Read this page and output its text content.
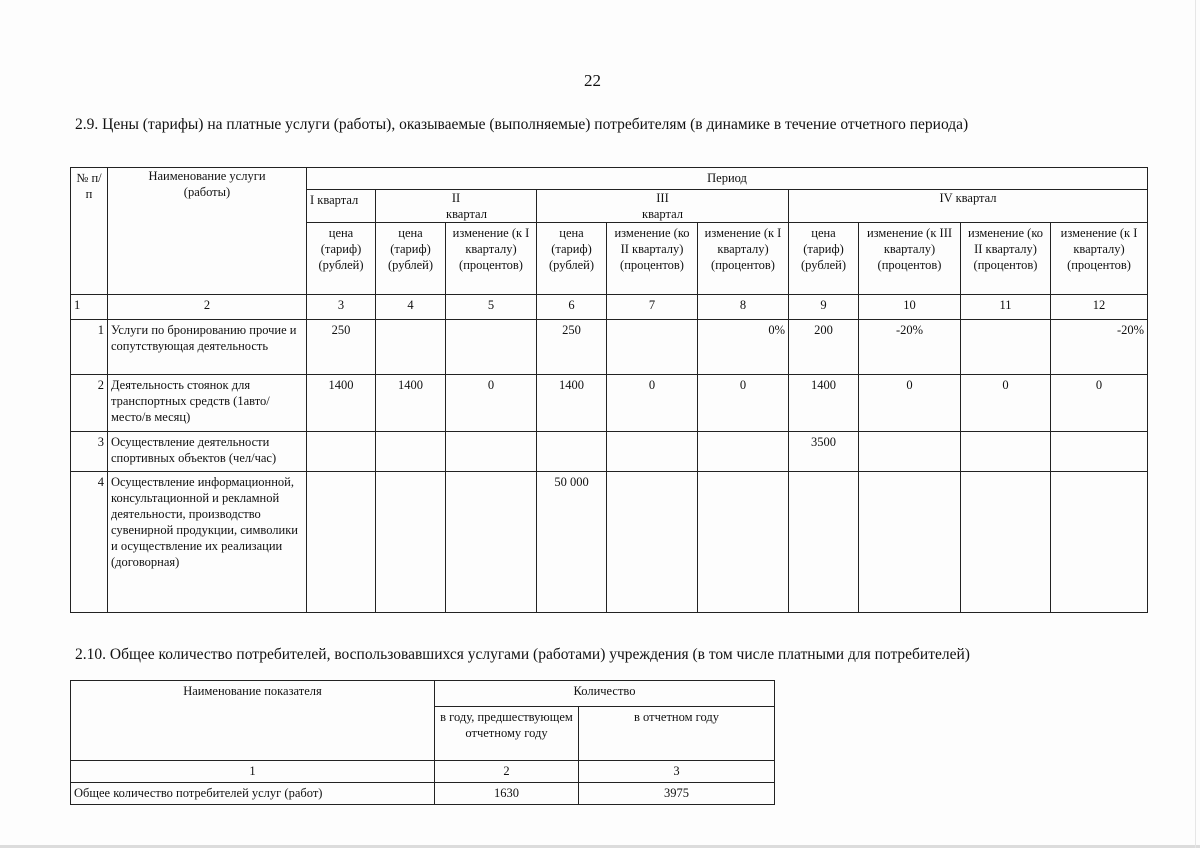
22
2.9. Цены (тарифы) на платные услуги (работы), оказываемые (выполняемые) потребителям (в динамике в течение отчетного периода)
№ п/п	Наименование услуги (работы)	Период									
		I квартал	II квартал		III квартал			IV квартал			
		цена (тариф) (рублей)	цена (тариф) (рублей)	изменение (к I кварталу) (процентов)	цена (тариф) (рублей)	изменение (ко II кварталу) (процентов)	изменение (к I кварталу) (процентов)	цена (тариф) (рублей)	изменение (к III кварталу) (процентов)	изменение (ко II кварталу) (процентов)	изменение (к I кварталу) (процентов)
1	2	3	4	5	6	7	8	9	10	11	12
1	Услуги по бронированию прочие и сопутствующая деятельность	250			250		0%	200	-20%		-20%
2	Деятельность стоянок для транспортных средств (1авто/место/в месяц)	1400	1400	0	1400	0	0	1400	0	0	0
3	Осуществление деятельности спортивных объектов (чел/час)							3500			
4	Осуществление информационной, консультационной и рекламной деятельности, производство сувенирной продукции, символики и осуществление их реализации (договорная)				50 000						
2.10. Общее количество потребителей, воспользовавшихся услугами (работами) учреждения (в том числе платными для потребителей)
Наименование показателя	Количество	
	в году, предшествующем отчетному году	в отчетном году
1	2	3
Общее количество потребителей услуг (работ)	1630	3975
